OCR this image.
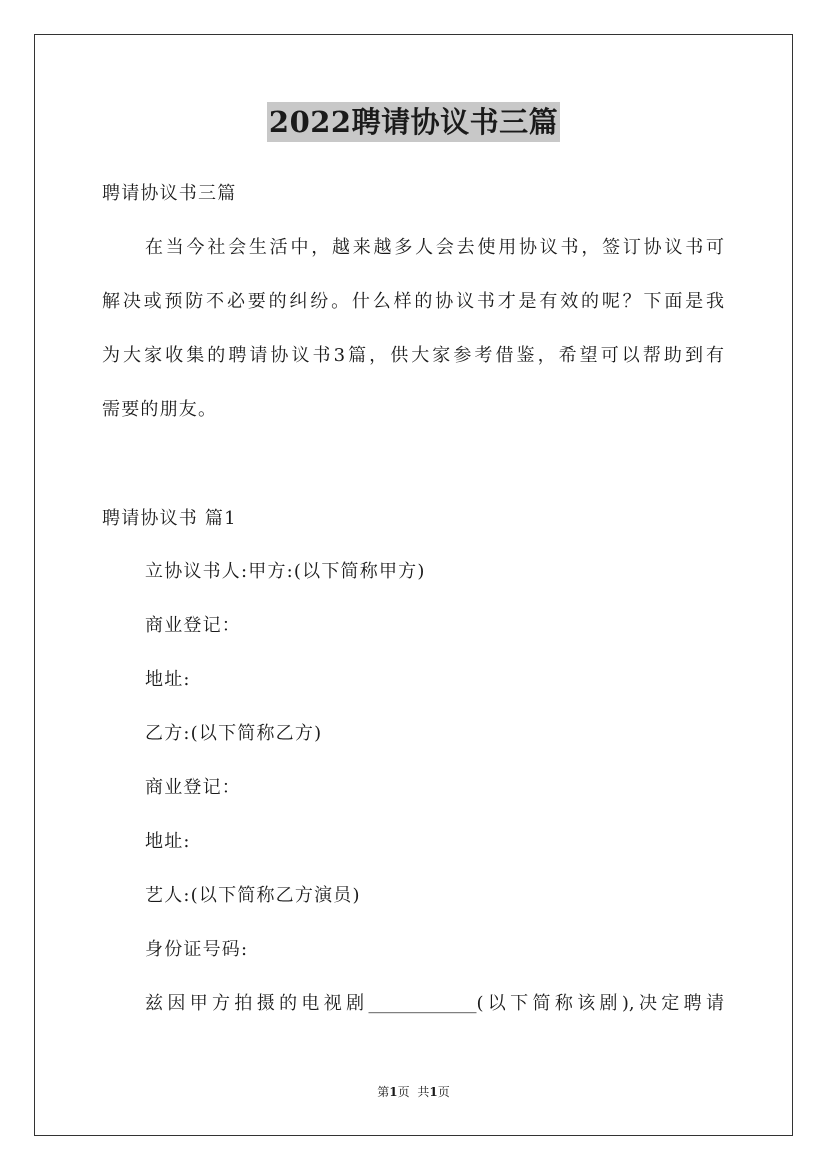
2022聘请协议书三篇
聘请协议书三篇
在当今社会生活中，越来越多人会去使用协议书，签订协议书可
解决或预防不必要的纠纷。什么样的协议书才是有效的呢？下面是我
为大家收集的聘请协议书3篇，供大家参考借鉴，希望可以帮助到有
需要的朋友。
聘请协议书 篇1
立协议书人:甲方:(以下简称甲方)
商业登记：
地址:
乙方:(以下简称乙方)
商业登记：
地址:
艺人:(以下简称乙方演员)
身份证号码:
兹因甲方拍摄的电视剧____________(以下简称该剧),决定聘请
第1页 共1页
